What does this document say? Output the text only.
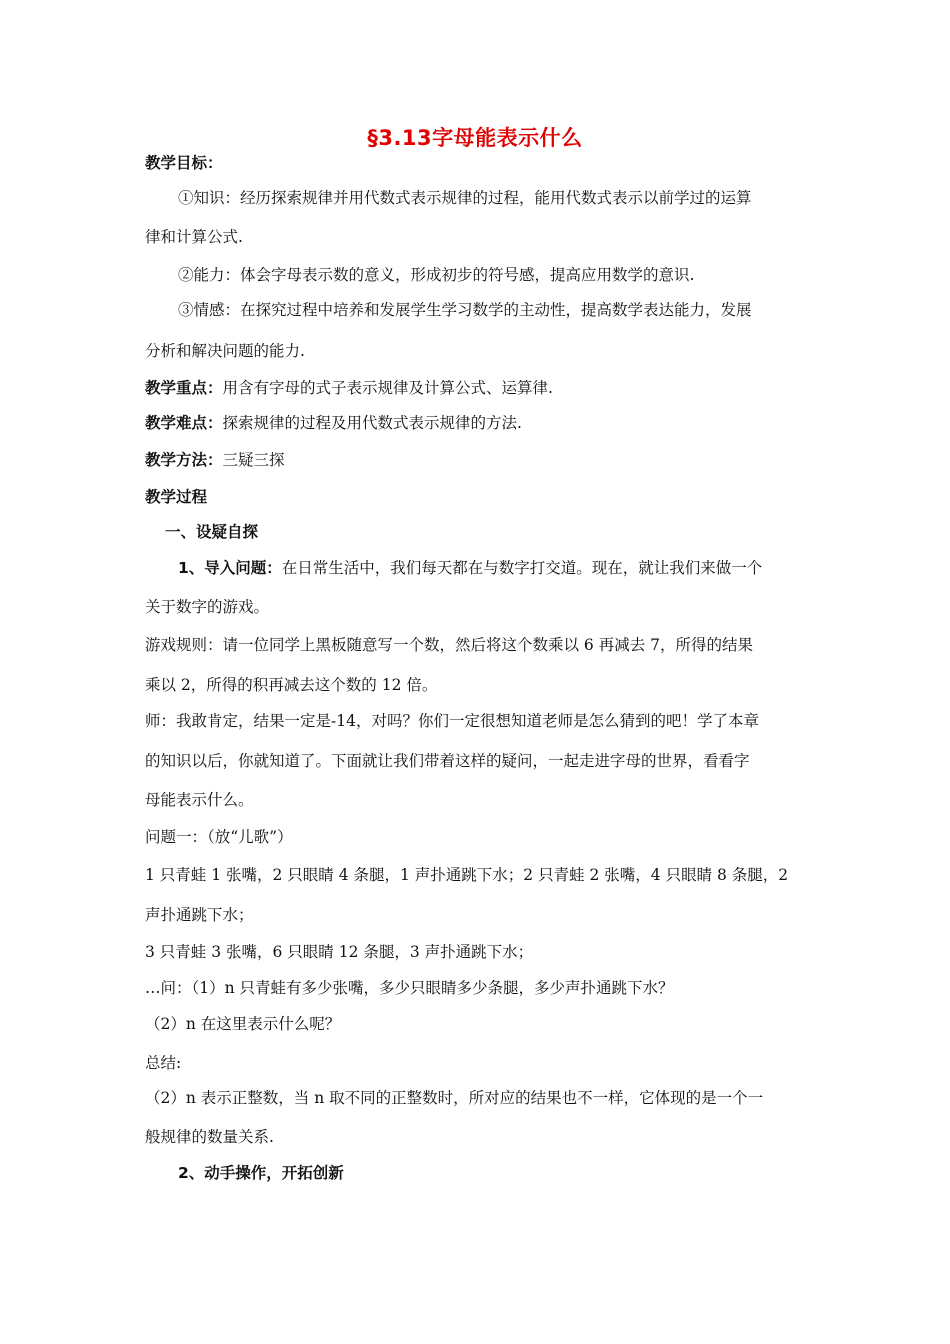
§3.13字母能表示什么
教学目标：
①知识：经历探索规律并用代数式表示规律的过程，能用代数式表示以前学过的运算
律和计算公式.
②能力：体会字母表示数的意义，形成初步的符号感，提高应用数学的意识.
③情感：在探究过程中培养和发展学生学习数学的主动性，提高数学表达能力，发展
分析和解决问题的能力.
教学重点：用含有字母的式子表示规律及计算公式、运算律.
教学难点：探索规律的过程及用代数式表示规律的方法.
教学方法：三疑三探
教学过程
一、设疑自探
1、导入问题：在日常生活中，我们每天都在与数字打交道。现在，就让我们来做一个
关于数字的游戏。
游戏规则：请一位同学上黑板随意写一个数，然后将这个数乘以 6 再减去 7，所得的结果
乘以 2，所得的积再减去这个数的 12 倍。
师：我敢肯定，结果一定是-14，对吗？你们一定很想知道老师是怎么猜到的吧！学了本章
的知识以后，你就知道了。下面就让我们带着这样的疑问，一起走进字母的世界，看看字
母能表示什么。
问题一：（放“儿歌”）
1 只青蛙 1 张嘴，2 只眼睛 4 条腿，1 声扑通跳下水；2 只青蛙 2 张嘴，4 只眼睛 8 条腿，2
声扑通跳下水；
3 只青蛙 3 张嘴，6 只眼睛 12 条腿，3 声扑通跳下水；
…问：（1）n 只青蛙有多少张嘴，多少只眼睛多少条腿，多少声扑通跳下水？
（2）n 在这里表示什么呢？
总结:
（2）n 表示正整数，当 n 取不同的正整数时，所对应的结果也不一样，它体现的是一个一
般规律的数量关系.
2、动手操作，开拓创新
